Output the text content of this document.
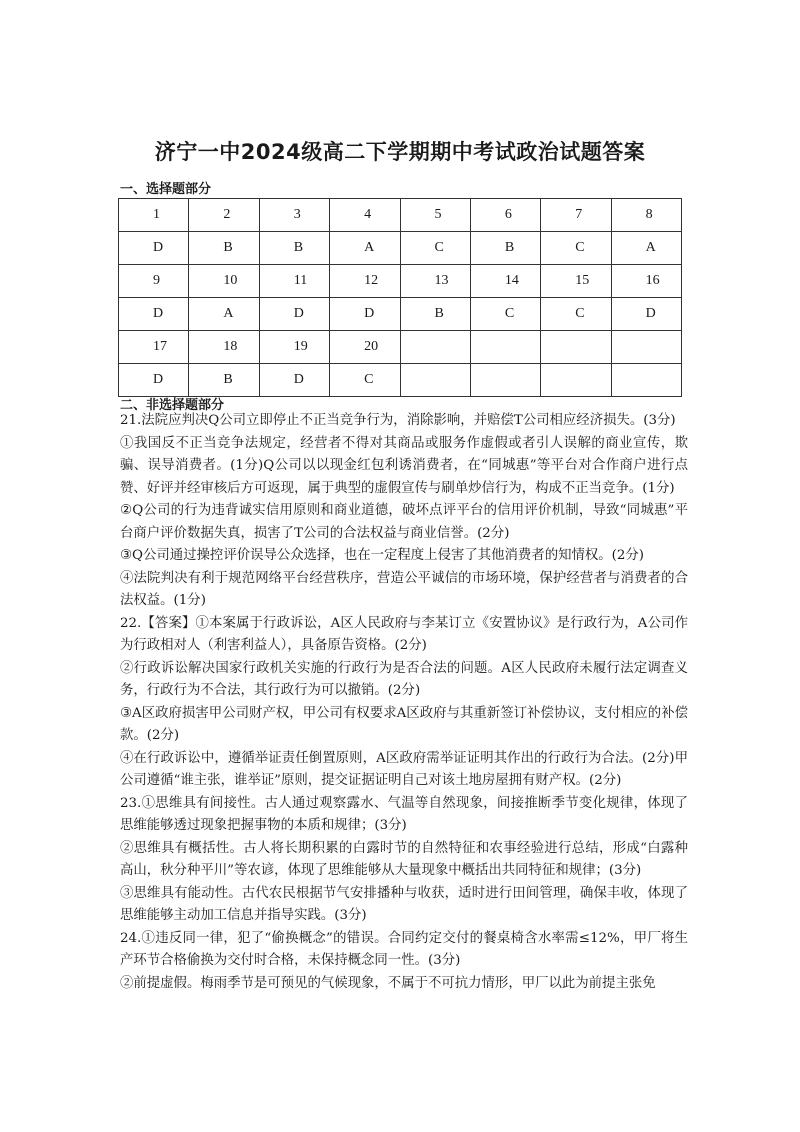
济宁一中2024级高二下学期期中考试政治试题答案
一、选择题部分
1	2	3	4	5	6	7	8
D	B	B	A	C	B	C	A
9	10	11	12	13	14	15	16
D	A	D	D	B	C	C	D
17	18	19	20				
D	B	D	C				
二、非选择题部分

21.法院应判决Q公司立即停止不正当竞争行为，消除影响，并赔偿T公司相应经济损失。(3分)

①我国反不正当竞争法规定，经营者不得对其商品或服务作虚假或者引人误解的商业宣传，欺骗、误导消费者。(1分)Q公司以以现金红包利诱消费者，在“同城惠”等平台对合作商户进行点赞、好评并经审核后方可返现，属于典型的虚假宣传与刷单炒信行为，构成不正当竞争。(1分)

②Q公司的行为违背诚实信用原则和商业道德，破坏点评平台的信用评价机制，导致“同城惠”平台商户评价数据失真，损害了T公司的合法权益与商业信誉。(2分)

③Q公司通过操控评价误导公众选择，也在一定程度上侵害了其他消费者的知情权。(2分)

④法院判决有利于规范网络平台经营秩序，营造公平诚信的市场环境，保护经营者与消费者的合法权益。(1分)

22.【答案】①本案属于行政诉讼，A区人民政府与李某订立《安置协议》是行政行为，A公司作为行政相对人（利害利益人），具备原告资格。(2分)

②行政诉讼解决国家行政机关实施的行政行为是否合法的问题。A区人民政府未履行法定调查义务，行政行为不合法，其行政行为可以撤销。(2分)

③A区政府损害甲公司财产权，甲公司有权要求A区政府与其重新签订补偿协议，支付相应的补偿款。(2分)

④在行政诉讼中，遵循举证责任倒置原则，A区政府需举证证明其作出的行政行为合法。(2分)甲公司遵循“谁主张，谁举证”原则，提交证据证明自己对该土地房屋拥有财产权。(2分)

23.①思维具有间接性。古人通过观察露水、气温等自然现象，间接推断季节变化规律，体现了思维能够透过现象把握事物的本质和规律；(3分)

②思维具有概括性。古人将长期积累的白露时节的自然特征和农事经验进行总结，形成“白露种高山，秋分种平川”等农谚，体现了思维能够从大量现象中概括出共同特征和规律；(3分)

③思维具有能动性。古代农民根据节气安排播种与收获，适时进行田间管理，确保丰收，体现了思维能够主动加工信息并指导实践。(3分)

24.①违反同一律，犯了“偷换概念”的错误。合同约定交付的餐桌椅含水率需≤12%，甲厂将生产环节合格偷换为交付时合格，未保持概念同一性。(3分)

②前提虚假。梅雨季节是可预见的气候现象，不属于不可抗力情形，甲厂以此为前提主张免
